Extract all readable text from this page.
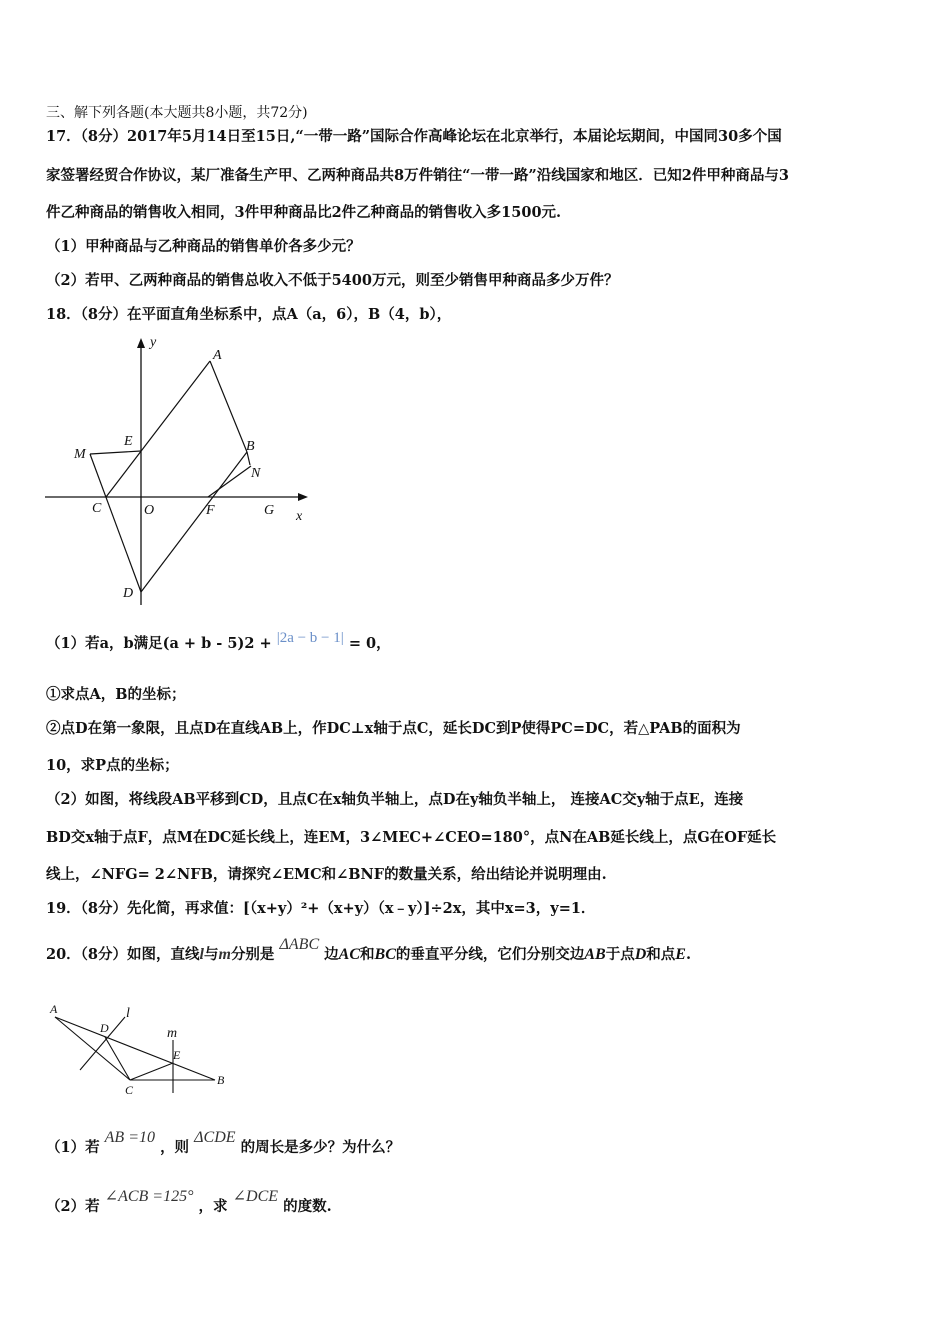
三、解下列各题(本大题共8小题，共72分)
17．（8分）2017年5月14日至15日,“一带一路”国际合作高峰论坛在北京举行，本届论坛期间，中国同30多个国
家签署经贸合作协议，某厂准备生产甲、乙两种商品共8万件销往“一带一路”沿线国家和地区．已知2件甲种商品与3
件乙种商品的销售收入相同，3件甲种商品比2件乙种商品的销售收入多1500元.
（1）甲种商品与乙种商品的销售单价各多少元？
（2）若甲、乙两种商品的销售总收入不低于5400万元，则至少销售甲种商品多少万件？
18．（8分）在平面直角坐标系中，点A（a，6），B（4，b），
y
x
A
B
E
M
N
C	O	F	G
D
（1）若a，b满足(a + b - 5)2 + |2a − b − 1| = 0，
①求点A，B的坐标；
②点D在第一象限，且点D在直线AB上，作DC⊥x轴于点C，延长DC到P使得PC=DC，若△PAB的面积为
10，求P点的坐标；
（2）如图，将线段AB平移到CD，且点C在x轴负半轴上，点D在y轴负半轴上， 连接AC交y轴于点E，连接
BD交x轴于点F，点M在DC延长线上，连EM，3∠MEC+∠CEO=180°，点N在AB延长线上，点G在OF延长
线上，∠NFG= 2∠NFB，请探究∠EMC和∠BNF的数量关系，给出结论并说明理由.
19．（8分）先化简，再求值：[（x+y）²+（x+y）（x﹣y）]÷2x，其中x=3，y=1．
20．（8分）如图，直线l与m分别是 ΔABC 边AC和BC的垂直平分线，它们分别交边AB于点D和点E.
A
D
l
m
E
C
B
（1）若 AB =10 ，则 ΔCDE 的周长是多少？为什么？
（2）若 ∠ACB =125° ，求 ∠DCE 的度数.
